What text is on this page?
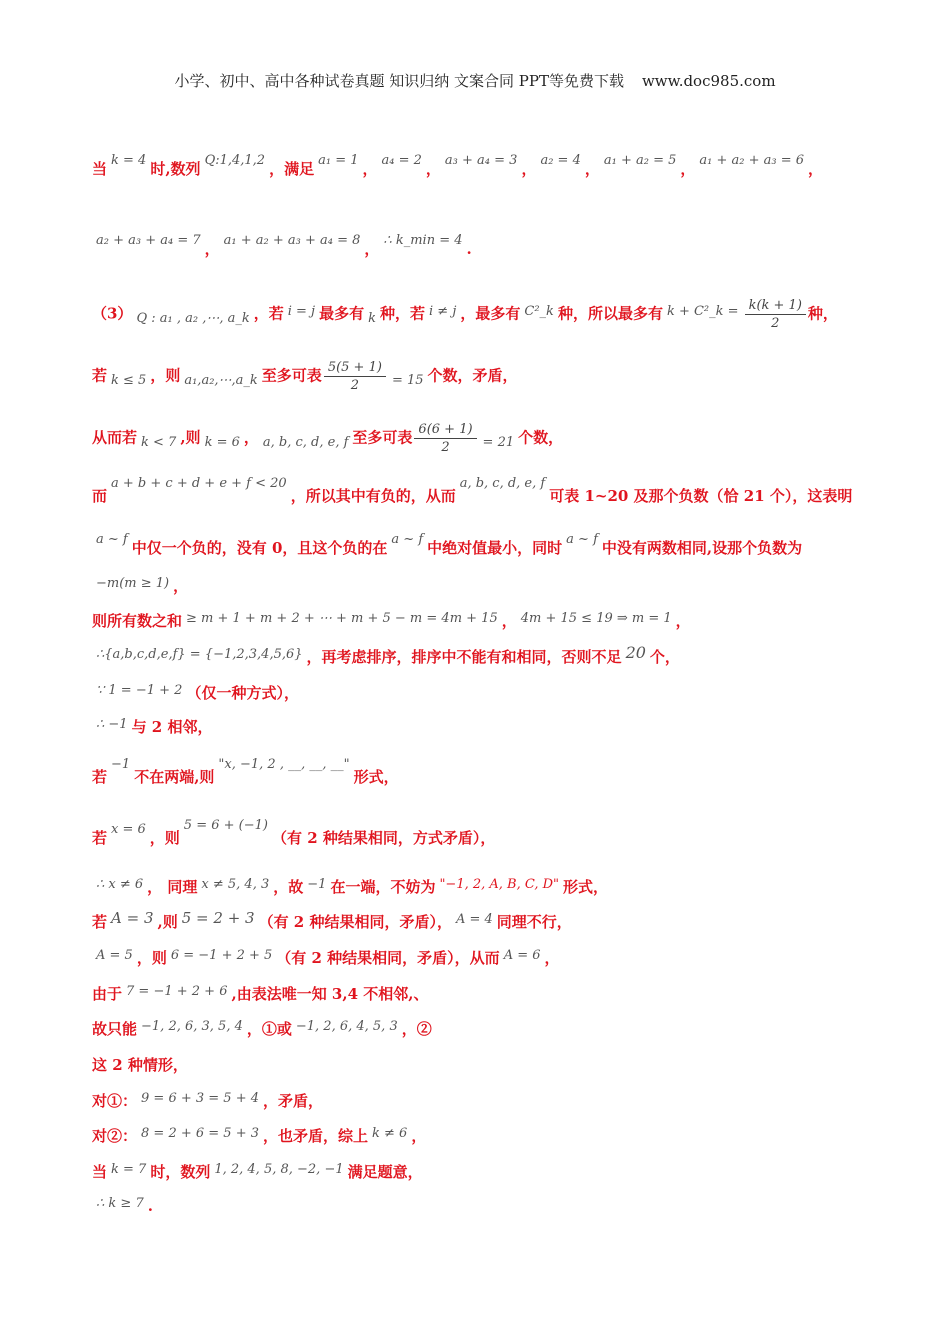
小学、初中、高中各种试卷真题 知识归纳 文案合同 PPT等免费下载 www.doc985.com
当 k = 4 时,数列 Q:1,4,1,2 ，满足 a₁ = 1 ， a₄ = 2 ， a₃ + a₄ = 3 ， a₂ = 4 ， a₁ + a₂ = 5 ， a₁ + a₂ + a₃ = 6 ，
a₂ + a₃ + a₄ = 7 ， a₁ + a₂ + a₃ + a₄ = 8 ， ∴ k_min = 4 .
（3） Q : a₁ , a₂ ,⋯, a_k ，若 i = j 最多有 k 种，若 i ≠ j ，最多有 C²_k 种，所以最多有 k + C²_k = $\frac{k(k + 1)}{2}$ 种，
若 k ≤ 5 ，则 a₁,a₂,⋯,a_k 至多可表 $\frac{5(5 + 1)}{2} = 15$ 个数，矛盾，
从而若 k < 7 ,则 k = 6 ， a, b, c, d, e, f 至多可表 $\frac{6(6 + 1)}{2} = 21$ 个数，
而a + b + c + d + e + f < 20，所以其中有负的，从而a, b, c, d, e, f可表 1~20 及那个负数（恰 21 个），这表明
a ~ f 中仅一个负的，没有 0，且这个负的在 a ~ f 中绝对值最小，同时 a ~ f 中没有两数相同,设那个负数为
−m(m ≥ 1) ，
则所有数之和 ≥ m + 1 + m + 2 + ⋯ + m + 5 − m = 4m + 15 ， 4m + 15 ≤ 19 ⇒ m = 1 ，
∴{a,b,c,d,e,f} = {−1,2,3,4,5,6} ，再考虑排序，排序中不能有和相同，否则不足 20 个，
∵ 1 = −1 + 2 （仅一种方式），
∴ −1 与 2 相邻，
若−1不在两端,则"x, −1, 2 , __, __, __"形式，
若 x = 6 ，则5 = 6 + (−1)（有 2 种结果相同，方式矛盾），
∴ x ≠ 6 ， 同理 x ≠ 5, 4, 3 ，故 −1 在一端，不妨为 "−1, 2, A, B, C, D" 形式，
若 A = 3 ,则 5 = 2 + 3 （有 2 种结果相同，矛盾）， A = 4 同理不行，
A = 5 ，则 6 = −1 + 2 + 5 （有 2 种结果相同，矛盾），从而 A = 6 ，
由于 7 = −1 + 2 + 6 ,由表法唯一知 3,4 不相邻,、
故只能 −1, 2, 6, 3, 5, 4 ，①或 −1, 2, 6, 4, 5, 3 ，②
这 2 种情形，
对①： 9 = 6 + 3 = 5 + 4 ，矛盾，
对②： 8 = 2 + 6 = 5 + 3 ，也矛盾，综上 k ≠ 6 ，
当 k = 7 时，数列 1, 2, 4, 5, 8, −2, −1 满足题意，
∴ k ≥ 7 .
